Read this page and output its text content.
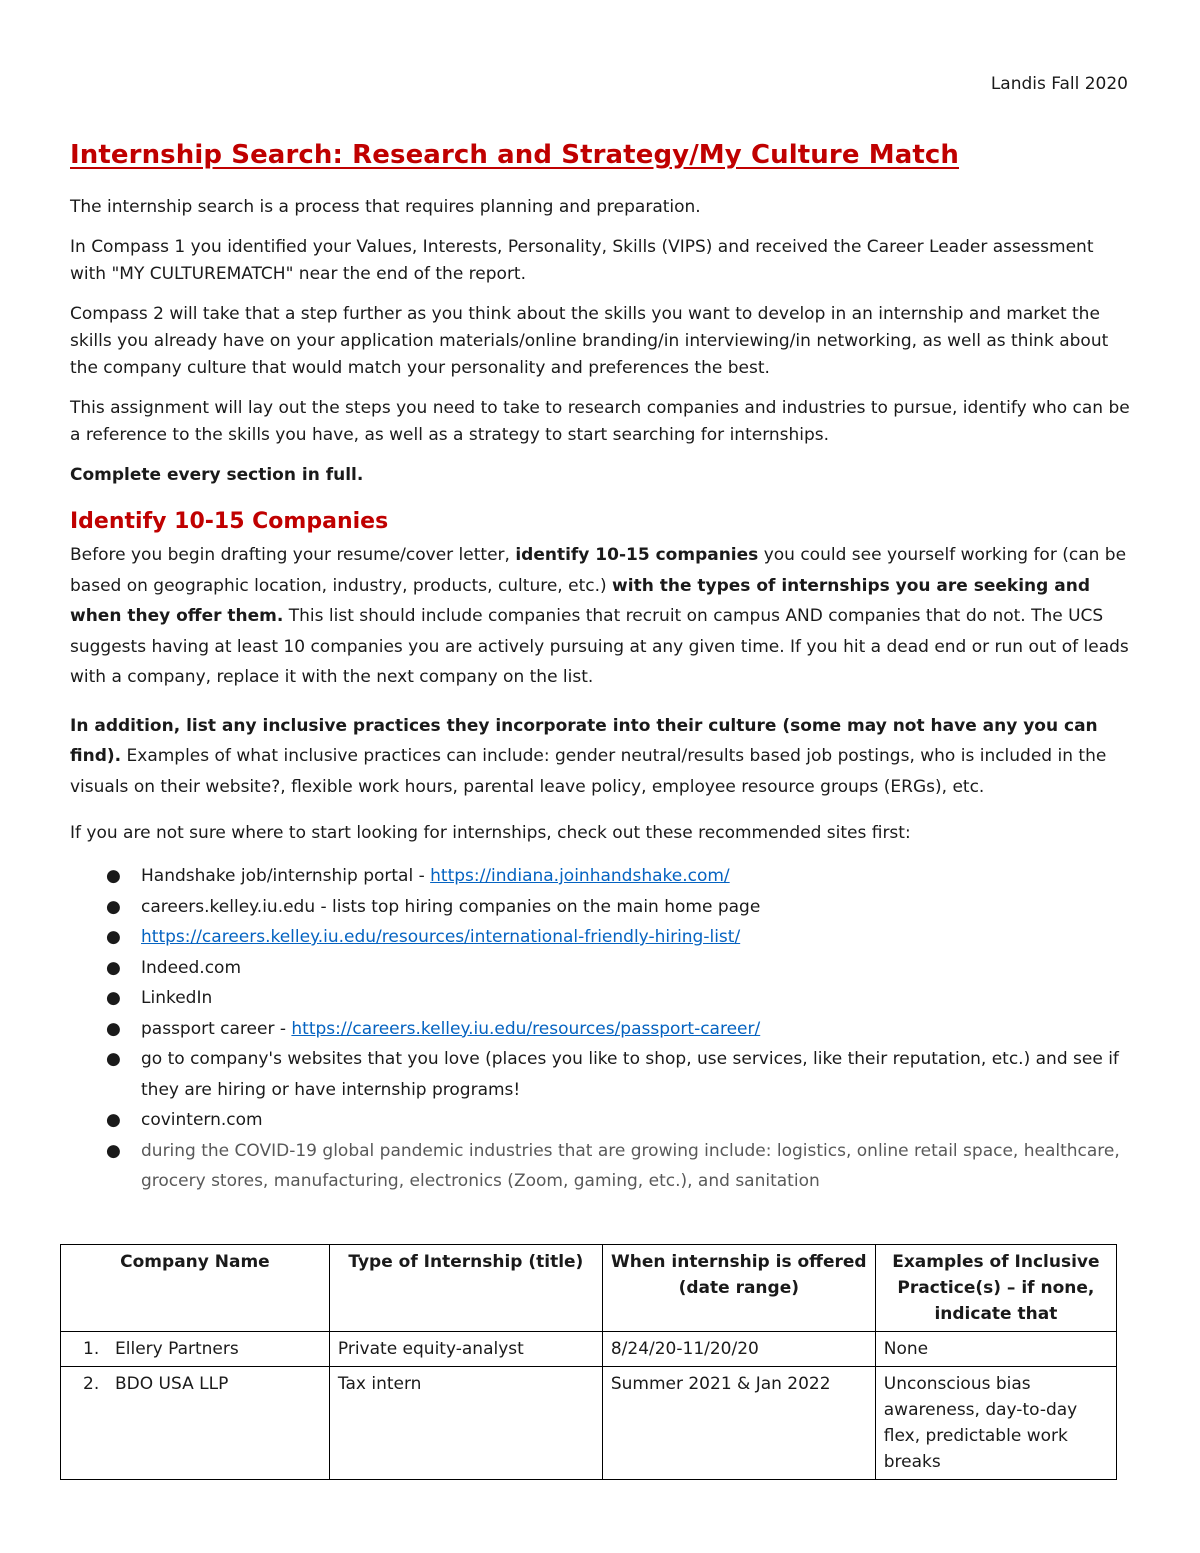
Landis Fall 2020
Internship Search: Research and Strategy/My Culture Match

The internship search is a process that requires planning and preparation.

In Compass 1 you identified your Values, Interests, Personality, Skills (VIPS) and received the Career Leader assessment with "MY CULTUREMATCH" near the end of the report.

Compass 2 will take that a step further as you think about the skills you want to develop in an internship and market the skills you already have on your application materials/online branding/in interviewing/in networking, as well as think about the company culture that would match your personality and preferences the best.

This assignment will lay out the steps you need to take to research companies and industries to pursue, identify who can be a reference to the skills you have, as well as a strategy to start searching for internships.

Complete every section in full.

Identify 10-15 Companies

Before you begin drafting your resume/cover letter, identify 10-15 companies you could see yourself working for (can be based on geographic location, industry, products, culture, etc.) with the types of internships you are seeking and when they offer them. This list should include companies that recruit on campus AND companies that do not. The UCS suggests having at least 10 companies you are actively pursuing at any given time. If you hit a dead end or run out of leads with a company, replace it with the next company on the list.

In addition, list any inclusive practices they incorporate into their culture (some may not have any you can find). Examples of what inclusive practices can include: gender neutral/results based job postings, who is included in the visuals on their website?, flexible work hours, parental leave policy, employee resource groups (ERGs), etc.

If you are not sure where to start looking for internships, check out these recommended sites first:

● Handshake job/internship portal - https://indiana.joinhandshake.com/
● careers.kelley.iu.edu - lists top hiring companies on the main home page
● https://careers.kelley.iu.edu/resources/international-friendly-hiring-list/
● Indeed.com
● LinkedIn
● passport career - https://careers.kelley.iu.edu/resources/passport-career/
● go to company's websites that you love (places you like to shop, use services, like their reputation, etc.) and see if they are hiring or have internship programs!
● covintern.com
● during the COVID-19 global pandemic industries that are growing include: logistics, online retail space, healthcare, grocery stores, manufacturing, electronics (Zoom, gaming, etc.), and sanitation
Company Name	Type of Internship (title)	When internship is offered (date range)	Examples of Inclusive Practice(s) – if none, indicate that
1. Ellery Partners	Private equity-analyst	8/24/20-11/20/20	None
2. BDO USA LLP	Tax intern	Summer 2021 & Jan 2022	Unconscious bias awareness, day-to-day flex, predictable work breaks
